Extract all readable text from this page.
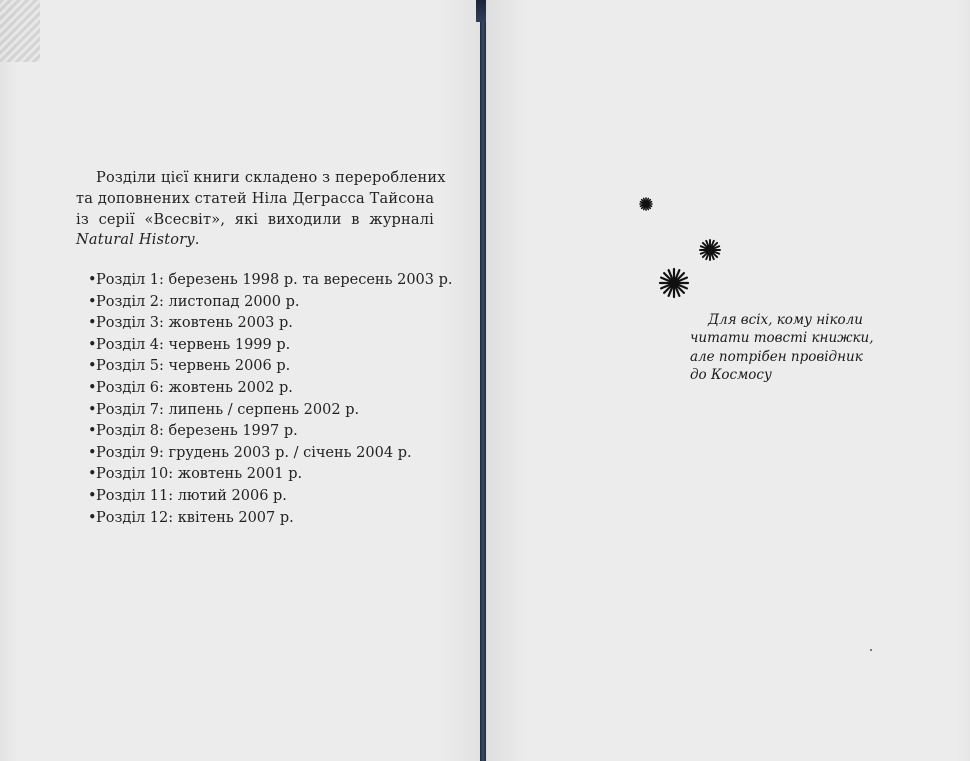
Розділи цієї книги складено з перероблених
та доповнених статей Ніла Деграсса Тайсона
із серії «Всесвіт», які виходили в журналі
Natural History.
•Розділ 1: березень 1998 р. та вересень 2003 р.
•Розділ 2: листопад 2000 р.
•Розділ 3: жовтень 2003 р.
•Розділ 4: червень 1999 р.
•Розділ 5: червень 2006 р.
•Розділ 6: жовтень 2002 р.
•Розділ 7: липень / серпень 2002 р.
•Розділ 8: березень 1997 р.
•Розділ 9: грудень 2003 р. / січень 2004 р.
•Розділ 10: жовтень 2001 р.
•Розділ 11: лютий 2006 р.
•Розділ 12: квітень 2007 р.
Для всіх, кому ніколи
читати товсті книжки,
але потрібен провідник
до Космосу
